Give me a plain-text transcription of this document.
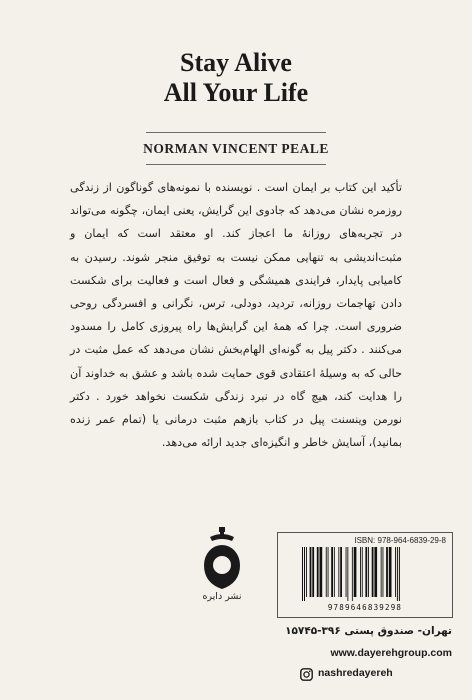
Stay Alive
All Your Life
NORMAN VINCENT PEALE

تأکید این کتاب بر ایمان است . نویسنده با نمونه‌های گوناگون از زندگی روزمره نشان می‌دهد که جادوی این گرایش، یعنی ایمان، چگونه می‌تواند در تجربه‌های روزانهٔ ما اعجاز کند. او معتقد است که ایمان و مثبت‌اندیشی به تنهایی ممکن نیست به توفیق منجر شوند. رسیدن به کامیابی پایدار، فرایندی همیشگی و فعال است و فعالیت برای شکست دادن تهاجمات روزانه، تردید، دودلی، ترس، نگرانی و افسردگی روحی ضروری است. چرا که همهٔ این گرایش‌ها راه پیروزی کامل را مسدود می‌کنند . دکتر پیل به گونه‌ای الهام‌بخش نشان می‌دهد که عمل مثبت در حالی که به وسیلهٔ اعتقادی قوی حمایت شده باشد و عشق به خداوند آن را هدایت کند، هیچ گاه در نبرد زندگی شکست نخواهد خورد . دکتر نورمن وینسنت پیل در کتاب بازهم مثبت درمانی یا (تمام عمر زنده بمانید)، آسایش خاطر و انگیزه‌ای جدید ارائه می‌دهد.

ISBN: 978-964-6839-29-8
9789646839298
نشر دایره
تهران- صندوق پستی ۳۹۶-۱۵۷۴۵
www.dayerehgroup.com
nashredayereh
